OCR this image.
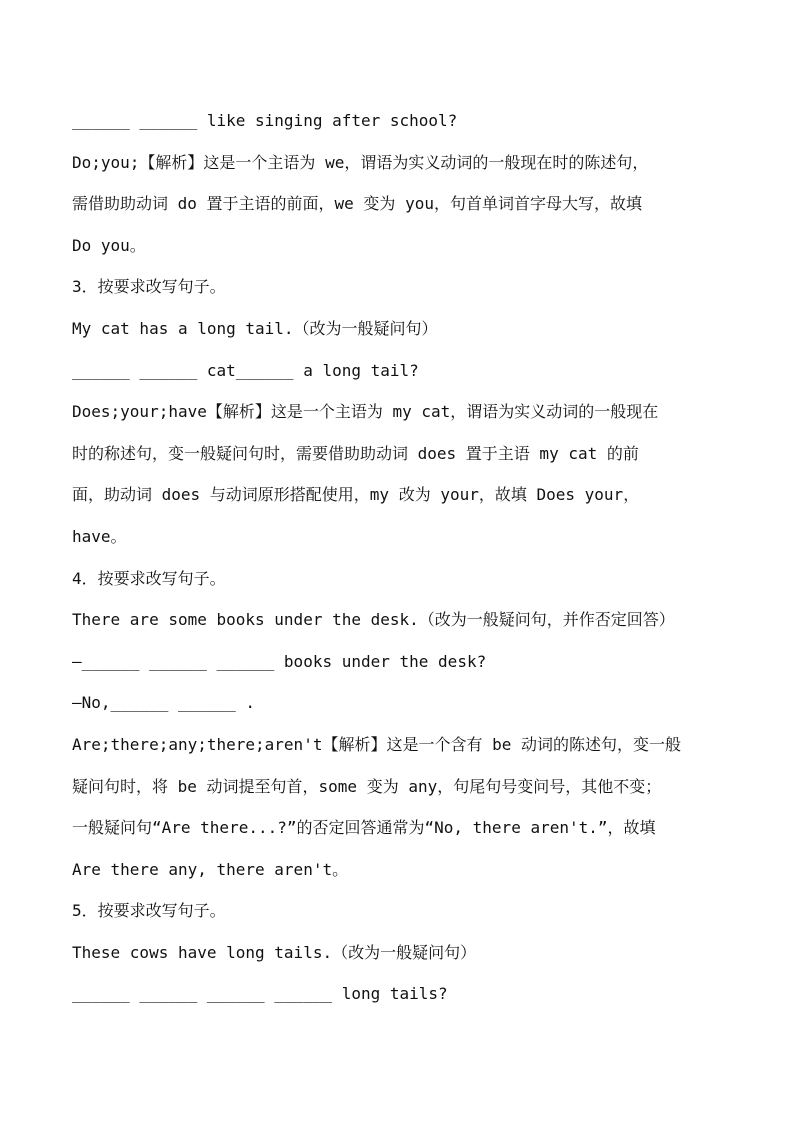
______ ______ like singing after school?
Do;you;【解析】这是一个主语为 we，谓语为实义动词的一般现在时的陈述句，
需借助助动词 do 置于主语的前面，we 变为 you，句首单词首字母大写，故填
Do you。
3．按要求改写句子。
My cat has a long tail.（改为一般疑问句）
______ ______ cat______ a long tail?
Does;your;have【解析】这是一个主语为 my cat，谓语为实义动词的一般现在
时的称述句，变一般疑问句时，需要借助助动词 does 置于主语 my cat 的前
面，助动词 does 与动词原形搭配使用，my 改为 your，故填 Does your，
have。
4．按要求改写句子。
There are some books under the desk.（改为一般疑问句，并作否定回答）
—______ ______ ______ books under the desk?
—No,______ ______ .
Are;there;any;there;aren't【解析】这是一个含有 be 动词的陈述句，变一般
疑问句时，将 be 动词提至句首，some 变为 any，句尾句号变问号，其他不变；
一般疑问句“Are there...?”的否定回答通常为“No, there aren't.”，故填
Are there any, there aren't。
5．按要求改写句子。
These cows have long tails.（改为一般疑问句）
______ ______ ______ ______ long tails?
